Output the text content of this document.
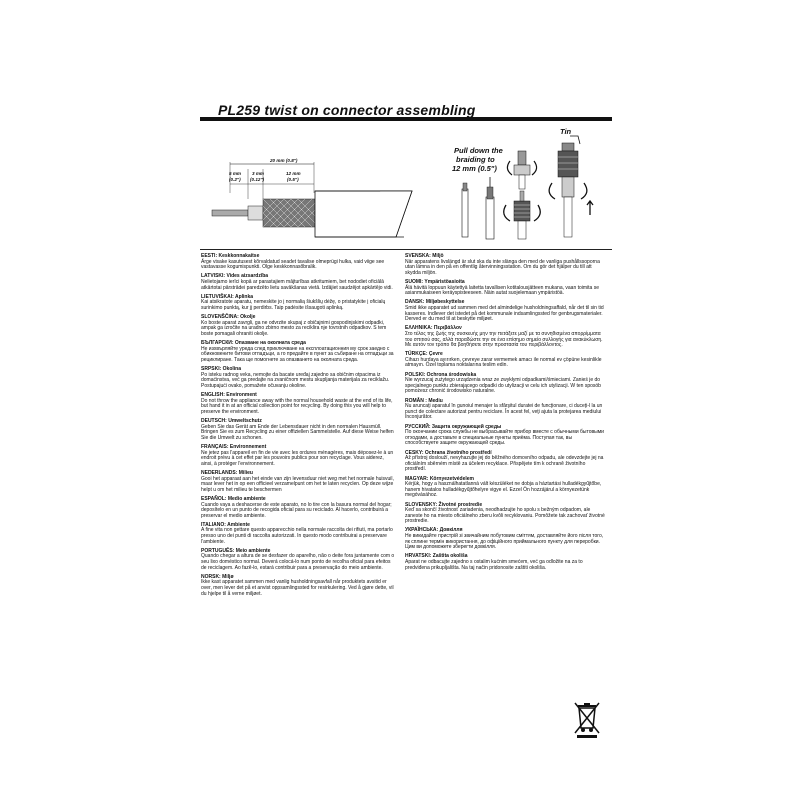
PL259 twist on connector assembling
20 mm (0.8")
5 mm
(0.2")
3 mm
(0.12")
12 mm
(0.5")
Pull down the
braiding to
12 mm (0.5")
Tin
EESTI: Keskkonnakaitse
Ärge visake kasutusest kõrvaldatud seadet tavalise olmeprügi hulka, vaid viige see vastavasse kogumispunkti. Olge keskkonnasõbralik.
LATVISKI: Vides aizsardzība
Nelietojamo ierīci kopā ar parastajiem mājturības atkritumiem, bet nododiet oficiālā atkārtotai pārstrādei paredzēto lietu savākšanas vietā. Izdājiet saudzējot apkārtējo vidi.
LIETUVIŠKAI: Aplinka
Kai atsikratote aparatu, nemeskite jo į normalią šiukšlių dėžę, o pristatykite į oficialų surinkimo punktą, kur jį perdirbs. Taip padėsite išsaugoti aplinką.
SLOVENŠČINA: Okolje
Ko boste aparat zavrgli, ga ne odvrzite skupaj z običajnimi gospodinjskimi odpadki, ampak ga izročite na uradno zbirno mesto za reciklira nje tovrstnih odpadkov. S tem boste pomagali ohraniti okolje.
БЪЛГАРСКИ: Опазване на околната среда
Не изхвърляйте уреда след приключване на експлоатационния му срок заедно с обикновените битови отпадъци, а го предайте в пункт за събиране на отпадъци за рециклиране. Така ще помогнете за опазването на околната среда.
SRPSKI: Okolina
Po isteku radnog veka, nemojte da bacate uređaj zajedno sa običnim otpacima iz domaćinstva, već ga predajte na zvaničnom mestu skupljanja materijala za reciklažu. Postupajući ovako, pomažete očuvanju okoline.
ENGLISH: Environment
Do not throw the appliance away with the normal household waste at the end of its life, but hand it in at an official collection point for recycling. By doing this you will help to preserve the environment.
DEUTSCH: Umweltschutz
Geben Sie das Gerät am Ende der Lebensdauer nicht in den normalen Hausmüll. Bringen Sie es zum Recycling zu einer offiziellen Sammelstelle. Auf diese Weise helfen Sie die Umwelt zu schonen.
FRANÇAIS: Environnement
Ne jetez pas l'appareil en fin de vie avec les ordures ménagères, mais déposez-le à un endroit prévu à cet effet par les pouvoirs publics pour son recyclage. Vous aiderez, ainsi, à protéger l'environnement.
NEDERLANDS: Milieu
Gooi het apparaat aan het einde van zijn levensduur niet weg met het normale huisvuil, maar lever het in op een officieel verzamelpunt om het te laten recyclen. Op deze wijze helpt u om het milieu te beschermen
ESPAÑOL: Medio ambiente
Cuando vaya a deshacerse de este aparato, no lo tire con la basura normal del hogar; deposítelo en un punto de recogida oficial para su reciclado. Al hacerlo, contribuirá a preservar el medio ambiente.
ITALIANO: Ambiente
A fine vita non gettare questo apparecchio nella normale raccolta dei rifiuti, ma portarlo presso uno dei punti di raccolta autorizzati. In questo modo contribuirai a preservare l'ambiente.
PORTUGUÊS: Meio ambiente
Quando chegar a altura de se desfazer do aparelho, não o deite fora juntamente com o seu lixo doméstico normal. Deverá colocá-lo num ponto de recolha oficial para efeitos de reciclagem. Ao fazê-lo, estará contribuir para a preservação do meio ambiente.
NORSK: Miljø
Ikke kast apparatet sammen med vanlig husholdningsavfall når produktets avsitid er over, men lever det på et anvist oppsamlingssted for resirkulering. Ved å gjøre dette, vil du hjelpe til å verne miljøet.
SVENSKA: Miljö
När apparatens livslängd är slut ska du inte slänga den med de vanliga pushållssoporna utan lämna in den på en offentlig återvinningsstation. Om du gör det hjälper du till att skydda miljön.
SUOMI: Ympäristöasioita
Älä hävitä loppuun käytettyä laitetta tavallisen kotitalousjätteen mukana, vaan toimita se asianmukaiseen keräyspisteeseen. Näin autat suojelemaan ympäristöä.
DANSK: Miljøbeskyttelse
Smid ikke apparatet ud sammen med det almindelige husholdningsaffald, når det til sin tid kasseres. Indlever det istedet på det kommunale indsamlingssted for genbrugsmaterialer. Derved er du med til at beskytte miljøet.
ΕΛΛΗΝΙΚΑ: Περιβάλλον
Στο τέλος της ζωής της συσκευής μην την πετάξετε μαζί με τα συνηθισμένα απορρίμματα του σπιτιού σας, αλλά παραδώστε την σε ένα επίσημο σημείο συλλογής για ανακύκλωση. Με αυτόν τον τρόπο θα βοηθήσετε στην προστασία του περιβάλλοντος.
TÜRKÇE: Çevre
Cihazı hurdaya ayırırken, çevreye zarar vermemek amacı ile normal ev çöpüne kesinlikle atmayın. Özel toplama noktalarına teslim edin.
POLSKI: Ochrona środowiska
Nie wyrzucaj zużytego urządzenia wraz ze zwykłymi odpadkami/śmieciami. Zanieś je do specjalnego punktu zbierającego odpadki do utylizacji w celu ich utylizacji. W ten sposób pomożesz chronić środowisko naturalne.
ROMÂN : Mediu
Nu aruncaţi aparatul în gunoiul menajer la sfârşitul duratei de funcţionare, ci duceţi-l la un punct de colectare autorizat pentru reciclare. În acest fel, veţi ajuta la protejarea mediului înconjurător.
РУССКИЙ: Защита окружающей среды
По окончании срока службы не выбрасывайте прибор вместе с обычными бытовыми отходами, а доставьте в специальные пункты приёма. Поступая так, вы способствуете защите окружающей среды.
CESKY: Ochrana životního prostředí
Až přístroj doslouží, nevyhazujte jej do běžného domovního odpadu, ale odevzdejte jej na oficiálním sběrném místě za účelem recyklace. Přispějete tím k ochraně životního prostředí.
MAGYAR: Környezetvédelem
Kérjük, hogy a használhatatlanná vált készüléket ne dobja a háztartási hulladékgyűjtőbe, hanem hivatalos hulladékgyűjtőhelyre vigye el. Ezzel Ön hozzájárul a környezetünk megóvásához.
SLOVENSKY: Životné prostredie
Keď sa skončí životnosť zariadenia, neodhadzujte ho spolu s bežným odpadom, ale zaneste ho na miesto oficiálneho zberu kvôli recyklovaniu. Pomôžete tak zachovať životné prostredie.
УКРАЇНСЬКА: Довкілля
Не викидайте пристрій зі звичайним побутовим сміттям, доставляйте його після того, як сплине термін використання, до офіційного приймального пункту для переробки. Цим ви допоможете зберегти довкілля.
HRVATSKI: Zaštita okoliša
Aparat ne odbacujte zajedno s ostalim kućnim smećem, već ga odložite na za to predviđena prikupljališta. Na taj način pridonosite zaštiti okoliša.
